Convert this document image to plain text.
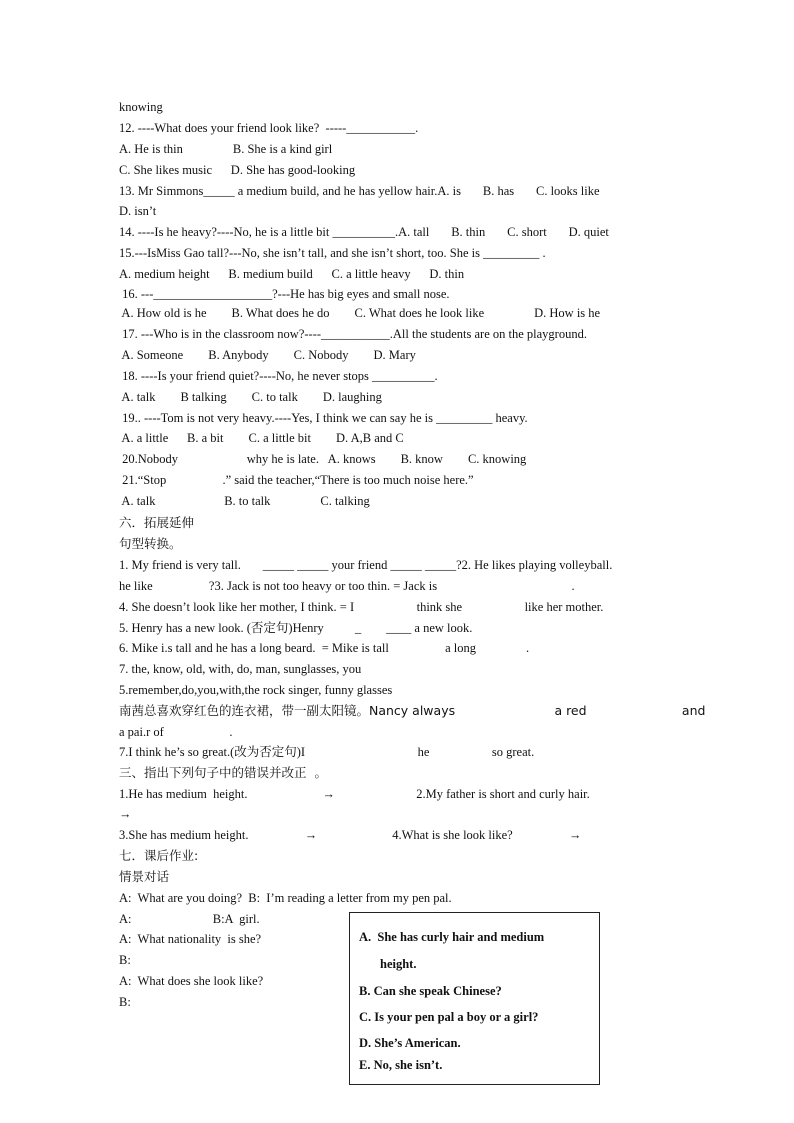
knowing
12. ----What does your friend look like?  -----___________.
A. He is thin                B. She is a kind girl
C. She likes music      D. She has good-looking
13. Mr Simmons_____ a medium build, and he has yellow hair.A. is       B. has       C. looks like
D. isn’t
14. ----Is he heavy?----No, he is a little bit __________.A. tall       B. thin       C. short       D. quiet
15.---IsMiss Gao tall?---No, she isn’t tall, and she isn’t short, too. She is _________ .
A. medium height      B. medium build      C. a little heavy      D. thin
16. ---___________________?---He has big eyes and small nose.
A. How old is he        B. What does he do        C. What does he look like                D. How is he
17. ---Who is in the classroom now?----___________.All the students are on the playground.
A. Someone        B. Anybody        C. Nobody        D. Mary
18. ----Is your friend quiet?----No, he never stops __________.
A. talk        B talking        C. to talk        D. laughing
19.. ----Tom is not very heavy.----Yes, I think we can say he is _________ heavy.
A. a little      B. a bit        C. a little bit        D. A,B and C
20.Nobody                      why he is late.   A. knows        B. know        C. knowing
21.“Stop                  .” said the teacher,“There is too much noise here.”
A. talk                      B. to talk                C. talking
六．拓展延伸
句型转换。
1. My friend is very tall.       _____ _____ your friend _____ _____?2. He likes playing volleyball.
he like                  ?3. Jack is not too heavy or too thin. = Jack is                                           .
4. She doesn’t look like her mother, I think. = I                    think she                    like her mother.
5. Henry has a new look. (否定句)Henry          _        ____ a new look.
6. Mike i.s tall and he has a long beard.  = Mike is tall                  a long                .
7. the, know, old, with, do, man, sunglasses, you
5.remember,do,you,with,the rock singer, funny glasses
南茜总喜欢穿红色的连衣裙，带一副太阳镜。Nancy always                         a red                        and
a pai.r of                     .
7.I think he’s so great.(改为否定句)I                                    he                    so great.
三、指出下列句子中的错误并改正  。
1.He has medium  height.                        →                          2.My father is short and curly hair.
→
3.She has medium height.                  →                        4.What is she look like?                  →
七．课后作业:
情景对话
A:  What are you doing?  B:  I’m reading a letter from my pen pal.
A:                          B:A  girl.
A:  What nationality  is she?
B:
A:  What does she look like?
B:
A.  She has curly hair and medium
height.
B. Can she speak Chinese?
C. Is your pen pal a boy or a girl?
D. She’s American.
E. No, she isn’t.
